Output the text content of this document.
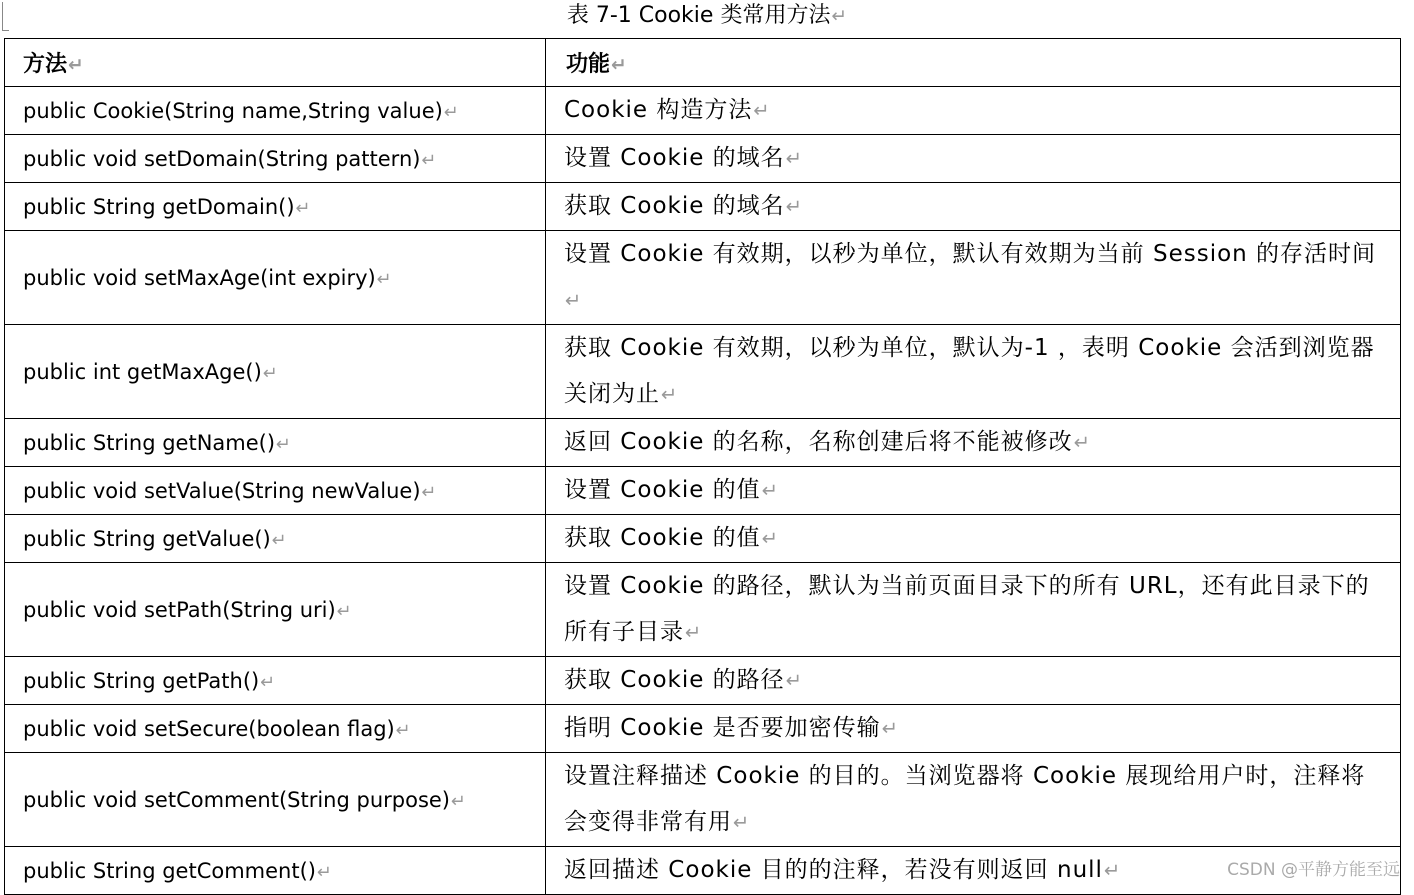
表 7-1 Cookie 类常用方法↵
方法↵	功能↵
public Cookie(String name,String value)↵	Cookie 构造方法↵
public void setDomain(String pattern)↵	设置 Cookie 的域名↵
public String getDomain()↵	获取 Cookie 的域名↵
public void setMaxAge(int expiry)↵	设置 Cookie 有效期，以秒为单位，默认有效期为当前 Session 的存活时间↵
public int getMaxAge()↵	获取 Cookie 有效期，以秒为单位，默认为-1 ，表明 Cookie 会活到浏览器关闭为止↵
public String getName()↵	返回 Cookie 的名称，名称创建后将不能被修改↵
public void setValue(String newValue)↵	设置 Cookie 的值↵
public String getValue()↵	获取 Cookie 的值↵
public void setPath(String uri)↵	设置 Cookie 的路径，默认为当前页面目录下的所有 URL，还有此目录下的所有子目录↵
public String getPath()↵	获取 Cookie 的路径↵
public void setSecure(boolean flag)↵	指明 Cookie 是否要加密传输↵
public void setComment(String purpose)↵	设置注释描述 Cookie 的目的。当浏览器将 Cookie 展现给用户时，注释将会变得非常有用↵
public String getComment()↵	返回描述 Cookie 目的的注释，若没有则返回 null↵	CSDN @平静方能至远
